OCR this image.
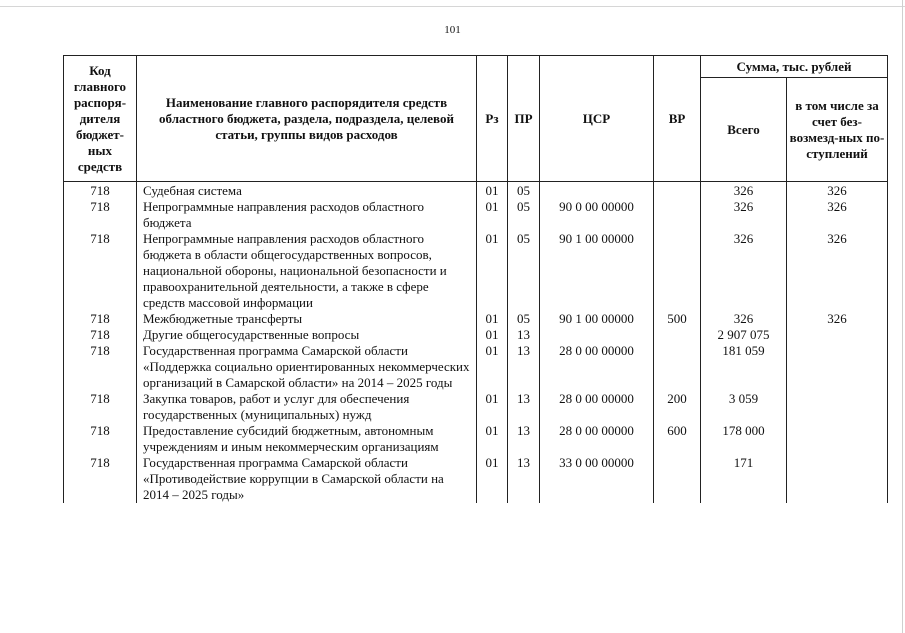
101
Код главного распоря-дителя бюджет-ных средств	Наименование главного распорядителя средств областного бюджета, раздела, подраздела, целевой статьи, группы видов расходов	Рз	ПР	ЦСР	ВР	Сумма, тыс. рублей	
						Всего	в том числе за счет без-возмезд-ных по-ступлений
718	Судебная система	01	05			326	326
718	Непрограммные направления расходов областного бюджета	01	05	90 0 00 00000		326	326
718	Непрограммные направления расходов областного бюджета в области общегосударственных вопросов, национальной обороны, национальной безопасности и правоохранительной деятельности, а также в сфере средств массовой информации	01	05	90 1 00 00000		326	326
718	Межбюджетные трансферты	01	05	90 1 00 00000	500	326	326
718	Другие общегосударственные вопросы	01	13			2 907 075	
718	Государственная программа Самарской области «Поддержка социально ориентированных некоммерческих организаций в Самарской области» на 2014 – 2025 годы	01	13	28 0 00 00000		181 059	
718	Закупка товаров, работ и услуг для обеспечения государственных (муниципальных) нужд	01	13	28 0 00 00000	200	3 059	
718	Предоставление субсидий бюджетным, автономным учреждениям и иным некоммерческим организациям	01	13	28 0 00 00000	600	178 000	
718	Государственная программа Самарской области «Противодействие коррупции в Самарской области на 2014 – 2025 годы»	01	13	33 0 00 00000		171	
